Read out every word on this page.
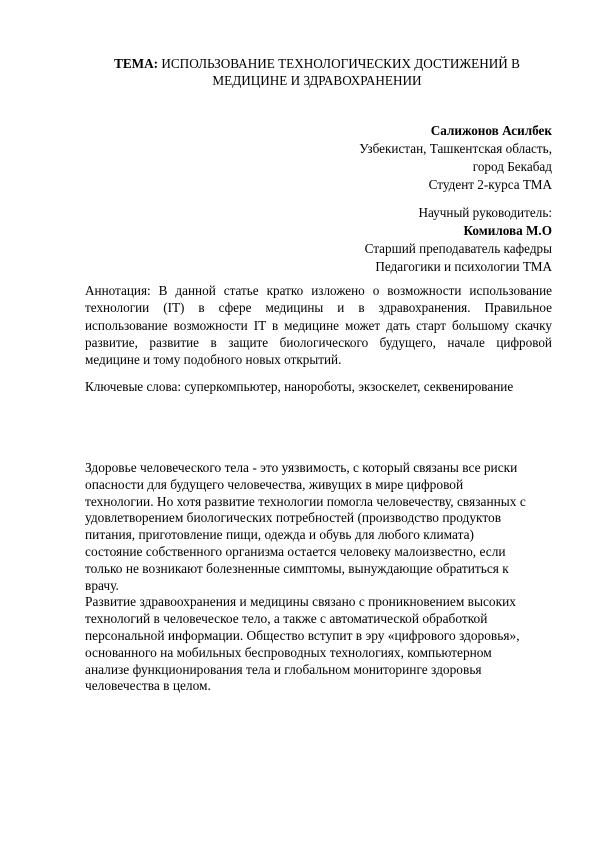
ТЕМА: ИСПОЛЬЗОВАНИЕ ТЕХНОЛОГИЧЕСКИХ ДОСТИЖЕНИЙ В
МЕДИЦИНЕ И ЗДРАВОХРАНЕНИИ
Салижонов Асилбек
Узбекистан, Ташкентская область,
город Бекабад
Студент 2-курса ТМА
Научный руководитель:
Комилова М.О
Старший преподаватель кафедры
Педагогики и психологии ТМА
Аннотация: В данной статье кратко изложено о возможности использование технологии (IT) в сфере медицины и в здравохранения. Правильное использование возможности IT в медицине может дать старт большому скачку развитие, развитие в защите биологического будущего, начале цифровой медицине и тому подобного новых открытий.
Ключевые слова: суперкомпьютер, нанороботы, экзоскелет, секвенирование
Здоровье человеческого тела - это уязвимость, с который связаны все риски
опасности для будущего человечества, живущих в мире цифровой
технологии. Но хотя развитие технологии помогла человечеству, связанных с
удовлетворением биологических потребностей (производство продуктов
питания, приготовление пищи, одежда и обувь для любого климата)
состояние собственного организма остается человеку малоизвестно, если
только не возникают болезненные симптомы, вынуждающие обратиться к
врачу.
Развитие здравоохранения и медицины связано с проникновением высоких
технологий в человеческое тело, а также с автоматической обработкой
персональной информации. Общество вступит в эру «цифрового здоровья»,
основанного на мобильных беспроводных технологиях, компьютерном
анализе функционирования тела и глобальном мониторинге здоровья
человечества в целом.
